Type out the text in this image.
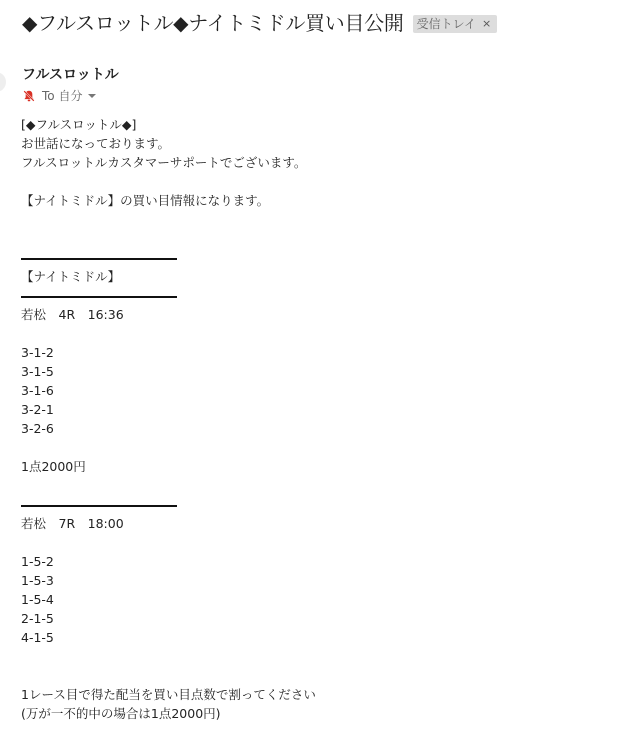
◆フルスロットル◆ナイトミドル買い目公開 受信トレイ ×
フルスロットル
To 自分
[◆フルスロットル◆]
お世話になっております。
フルスロットルカスタマーサポートでございます。
【ナイトミドル】の買い目情報になります。
【ナイトミドル】
若松　4R　16:36
3-1-2
3-1-5
3-1-6
3-2-1
3-2-6
1点2000円
若松　7R　18:00
1-5-2
1-5-3
1-5-4
2-1-5
4-1-5
1レース目で得た配当を買い目点数で割ってください
(万が一不的中の場合は1点2000円)
